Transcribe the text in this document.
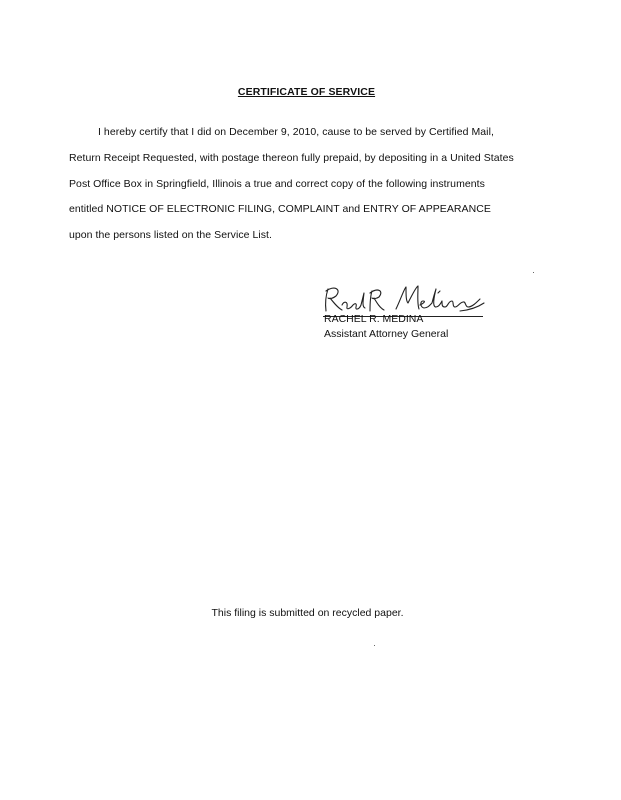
CERTIFICATE OF SERVICE
I hereby certify that I did on December 9, 2010, cause to be served by Certified Mail,
Return Receipt Requested, with postage thereon fully prepaid, by depositing in a United States
Post Office Box in Springfield, Illinois a true and correct copy of the following instruments
entitled NOTICE OF ELECTRONIC FILING, COMPLAINT and ENTRY OF APPEARANCE
upon the persons listed on the Service List.
RACHEL R. MEDINA
Assistant Attorney General
This filing is submitted on recycled paper.
